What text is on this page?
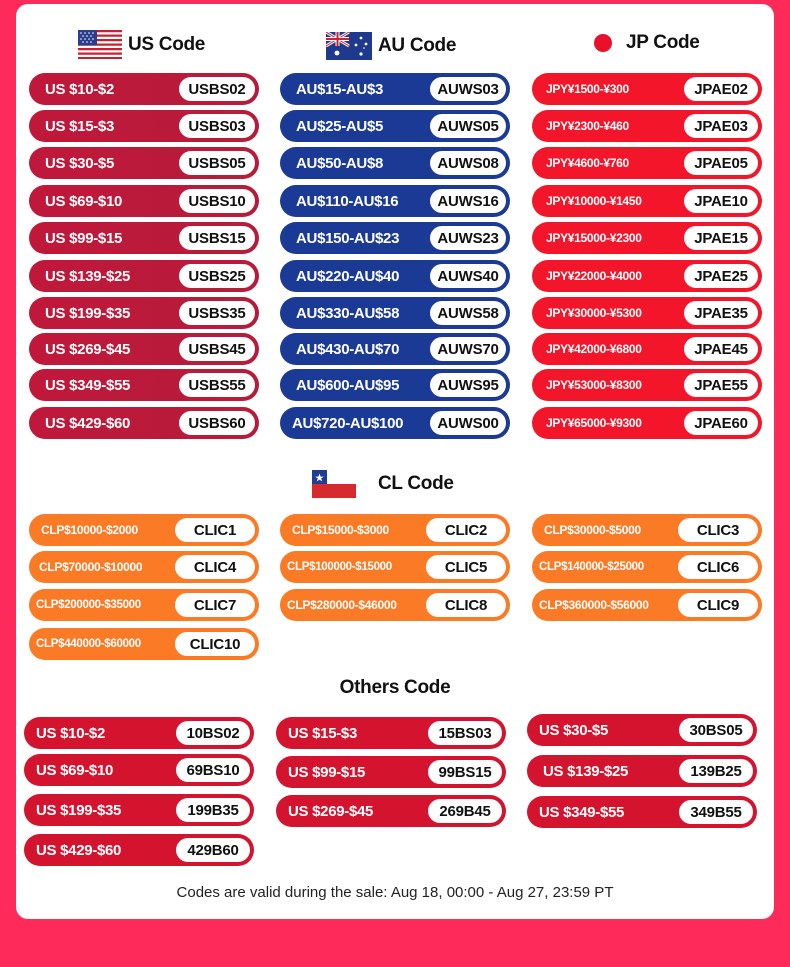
US Code	AU Code	JP Code
US $10-$2	USBS02
US $15-$3	USBS03
US $30-$5	USBS05
US $69-$10	USBS10
US $99-$15	USBS15
US $139-$25	USBS25
US $199-$35	USBS35
US $269-$45	USBS45
US $349-$55	USBS55
US $429-$60	USBS60
AU$15-AU$3	AUWS03
AU$25-AU$5	AUWS05
AU$50-AU$8	AUWS08
AU$110-AU$16	AUWS16
AU$150-AU$23	AUWS23
AU$220-AU$40	AUWS40
AU$330-AU$58	AUWS58
AU$430-AU$70	AUWS70
AU$600-AU$95	AUWS95
AU$720-AU$100	AUWS00
JPY¥1500-¥300	JPAE02
JPY¥2300-¥460	JPAE03
JPY¥4600-¥760	JPAE05
JPY¥10000-¥1450	JPAE10
JPY¥15000-¥2300	JPAE15
JPY¥22000-¥4000	JPAE25
JPY¥30000-¥5300	JPAE35
JPY¥42000-¥6800	JPAE45
JPY¥53000-¥8300	JPAE55
JPY¥65000-¥9300	JPAE60
CL Code
CLP$10000-$2000	CLIC1	CLP$15000-$3000	CLIC2	CLP$30000-$5000	CLIC3
CLP$70000-$10000	CLIC4	CLP$100000-$15000	CLIC5	CLP$140000-$25000	CLIC6
CLP$200000-$35000	CLIC7	CLP$280000-$46000	CLIC8	CLP$360000-$56000	CLIC9
CLP$440000-$60000	CLIC10
Others Code
US $10-$2	10BS02	US $15-$3	15BS03	US $30-$5	30BS05
US $69-$10	69BS10	US $99-$15	99BS15	US $139-$25	139B25
US $199-$35	199B35	US $269-$45	269B45	US $349-$55	349B55
US $429-$60	429B60
Codes are valid during the sale: Aug 18, 00:00 - Aug 27, 23:59 PT
